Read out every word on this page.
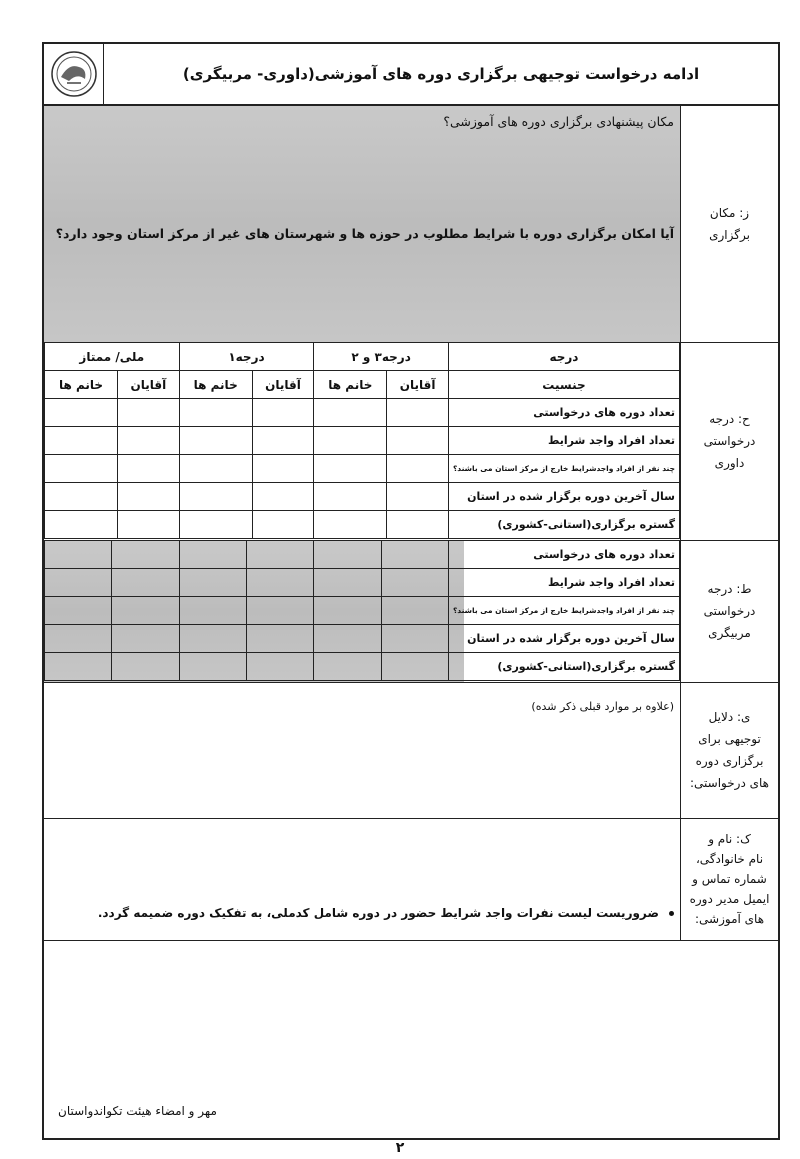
ادامه درخواست توجیهی برگزاری دوره های آموزشی(داوری- مربیگری)
مکان پیشنهادی برگزاری دوره های آموزشی؟
آیا امکان برگزاری دوره با شرایط مطلوب در حوزه ها و شهرستان های غیر از مرکز استان وجود دارد؟
ز: مکان
برگزاری
درجه	درجه۳ و ۲		درجه۱		ملی/ ممتاز	
جنسیت	آقایان	خانم ها	آقایان	خانم ها	آقایان	خانم ها
تعداد دوره های درخواستی						
تعداد افراد واجد شرایط						
چند نفر از افراد واجدشرایط خارج از مرکز استان می باشند؟						
سال آخرین دوره برگزار شده در استان						
گستره برگزاری(استانی-کشوری)						
ح: درجه
درخواستی
داوری
تعداد دوره های درخواستی						
تعداد افراد واجد شرایط						
چند نفر از افراد واجدشرایط خارج از مرکز استان می باشند؟						
سال آخرین دوره برگزار شده در استان						
گستره برگزاری(استانی-کشوری)						
ط: درجه
درخواستی
مربیگری
(علاوه بر موارد قبلی ذکر شده)
ی: دلایل
توجیهی برای
برگزاری دوره
های درخواستی:
ضروریست لیست نفرات واجد شرایط حضور در دوره شامل کدملی، به تفکیک دوره ضمیمه گردد.
ک: نام و
نام خانوادگی،
شماره تماس و
ایمیل مدیر دوره
های آموزشی:
مهر و امضاء هیئت تکواندواستان
۲
